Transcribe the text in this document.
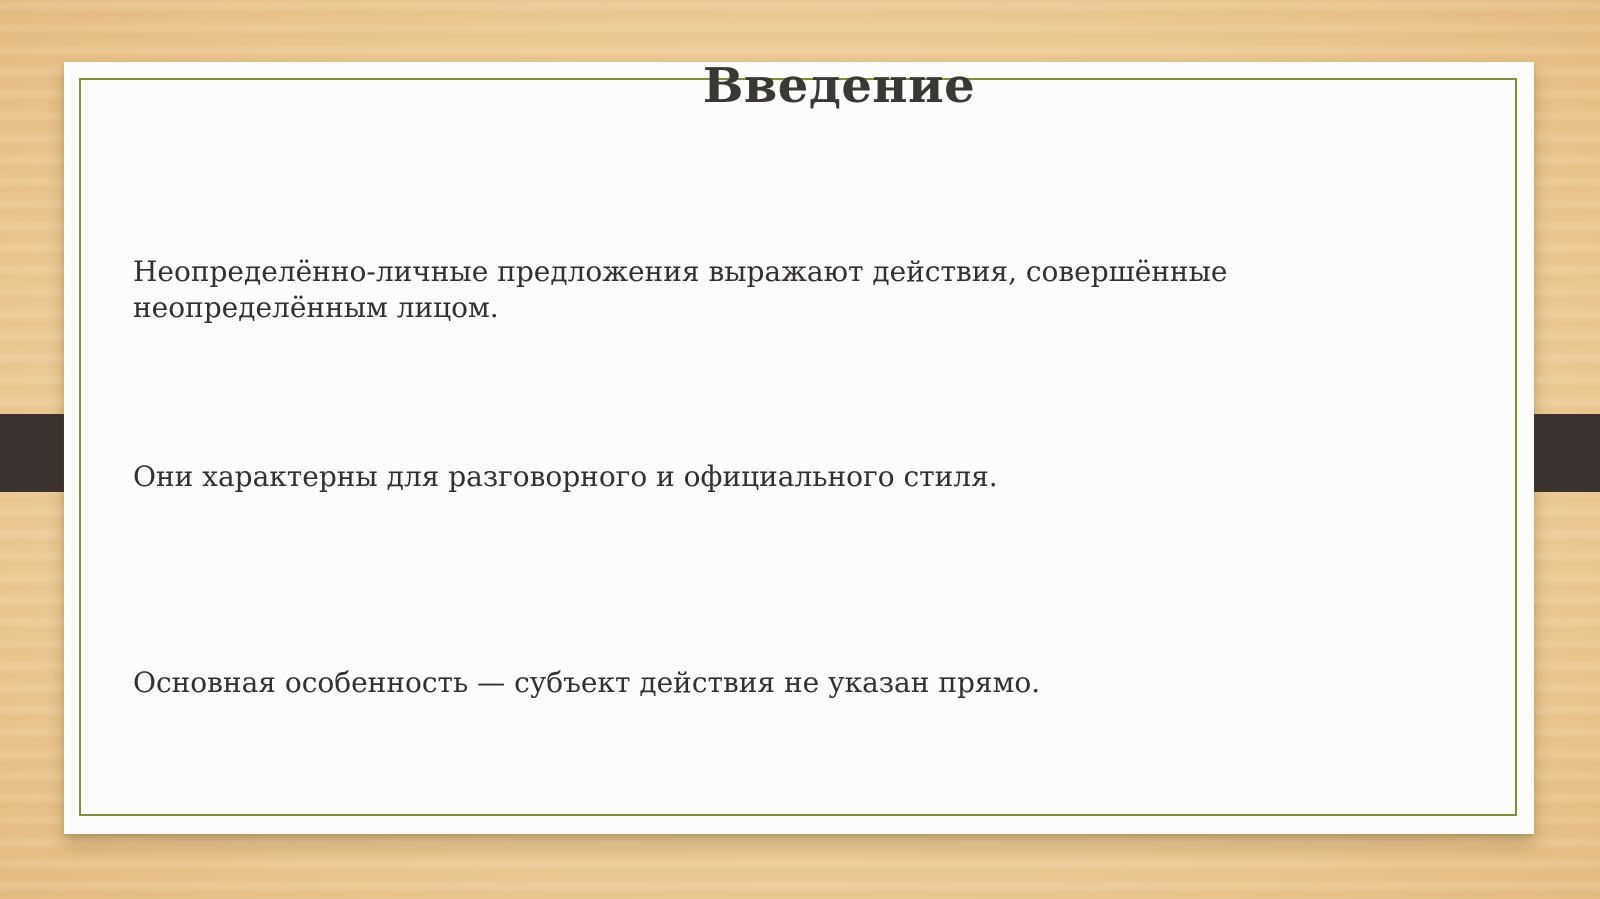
Введение
Неопределённо-личные предложения выражают действия, совершённые неопределённым лицом.
Они характерны для разговорного и официального стиля.
Основная особенность — субъект действия не указан прямо.
